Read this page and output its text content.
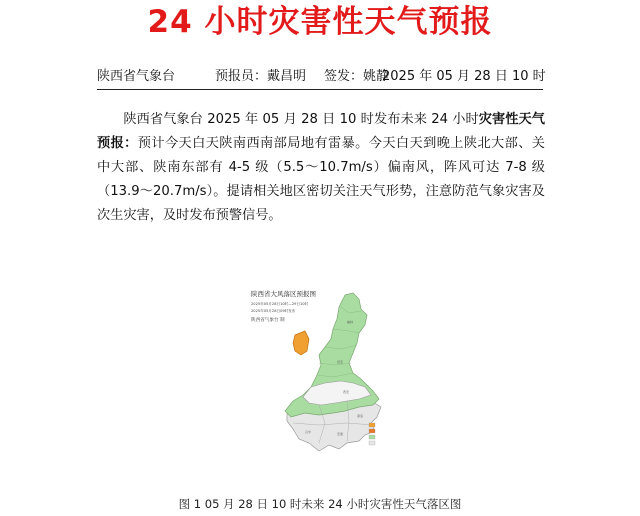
24 小时灾害性天气预报
陕西省气象台	预报员：戴昌明 签发：姚静
2025 年 05 月 28 日 10 时
陕西省气象台 2025 年 05 月 28 日 10 时发布未来 24 小时灾害性天气预报：预计今天白天陕南西南部局地有雷暴。今天白天到晚上陕北大部、关中大部、陕南东部有 4-5 级（5.5～10.7m/s）偏南风，阵风可达 7-8 级（13.9～20.7m/s）。提请相关地区密切关注天气形势，注意防范气象灾害及次生灾害，及时发布预警信号。
陕西省大风落区预报图
2025年05月28日10时—29日10时
2025年05月28日09时发布
陕西省气象台 制	榆林
延安
西安
汉中	安康
商洛
图 1 05 月 28 日 10 时未来 24 小时灾害性天气落区图
